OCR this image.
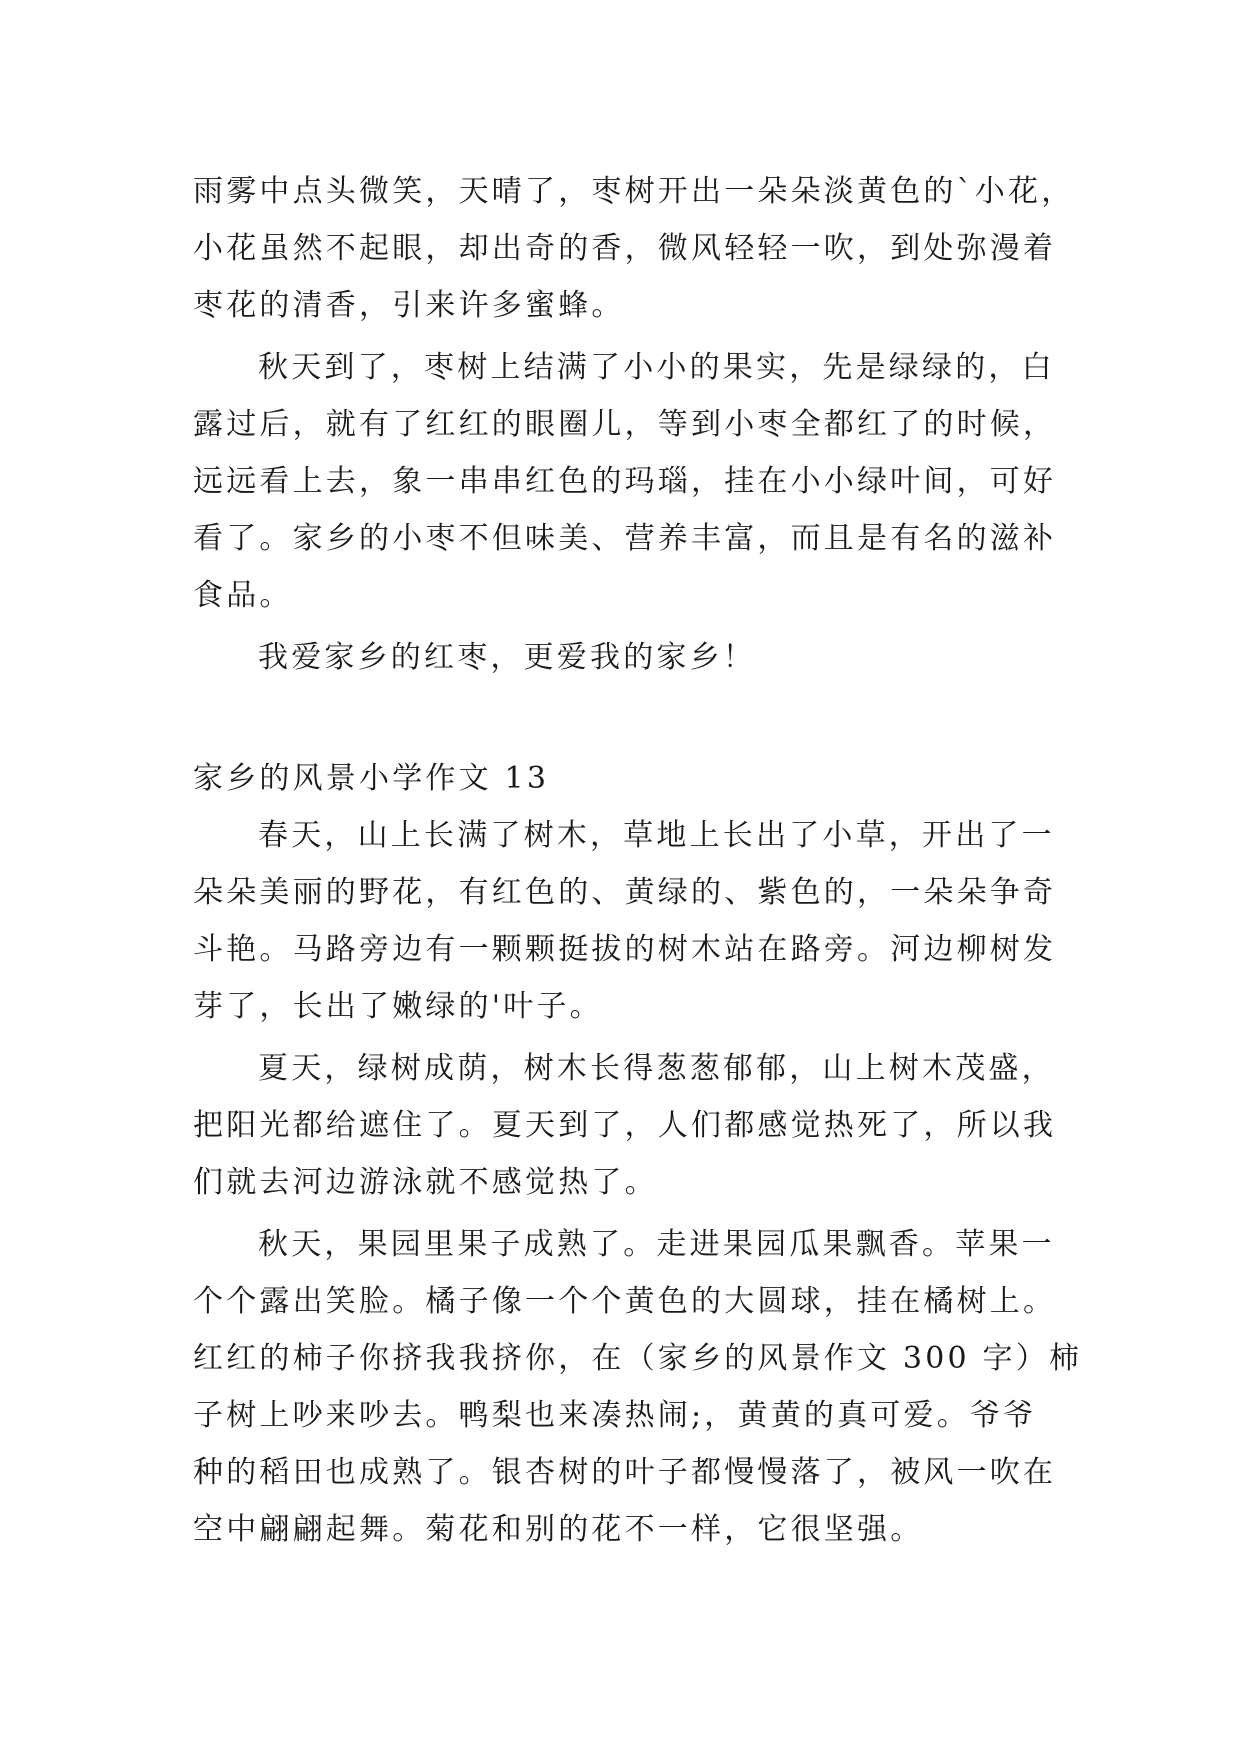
雨雾中点头微笑，天晴了，枣树开出一朵朵淡黄色的`小花，
小花虽然不起眼，却出奇的香，微风轻轻一吹，到处弥漫着
枣花的清香，引来许多蜜蜂。
秋天到了，枣树上结满了小小的果实，先是绿绿的，白
露过后，就有了红红的眼圈儿，等到小枣全都红了的时候，
远远看上去，象一串串红色的玛瑙，挂在小小绿叶间，可好
看了。家乡的小枣不但味美、营养丰富，而且是有名的滋补
食品。
我爱家乡的红枣，更爱我的家乡！
家乡的风景小学作文 13
春天，山上长满了树木，草地上长出了小草，开出了一
朵朵美丽的野花，有红色的、黄绿的、紫色的，一朵朵争奇
斗艳。马路旁边有一颗颗挺拔的树木站在路旁。河边柳树发
芽了，长出了嫩绿的'叶子。
夏天，绿树成荫，树木长得葱葱郁郁，山上树木茂盛，
把阳光都给遮住了。夏天到了，人们都感觉热死了，所以我
们就去河边游泳就不感觉热了。
秋天，果园里果子成熟了。走进果园瓜果飘香。苹果一
个个露出笑脸。橘子像一个个黄色的大圆球，挂在橘树上。
红红的柿子你挤我我挤你，在（家乡的风景作文 300 字）柿
子树上吵来吵去。鸭梨也来凑热闹;，黄黄的真可爱。爷爷
种的稻田也成熟了。银杏树的叶子都慢慢落了，被风一吹在
空中翩翩起舞。菊花和别的花不一样，它很坚强。
